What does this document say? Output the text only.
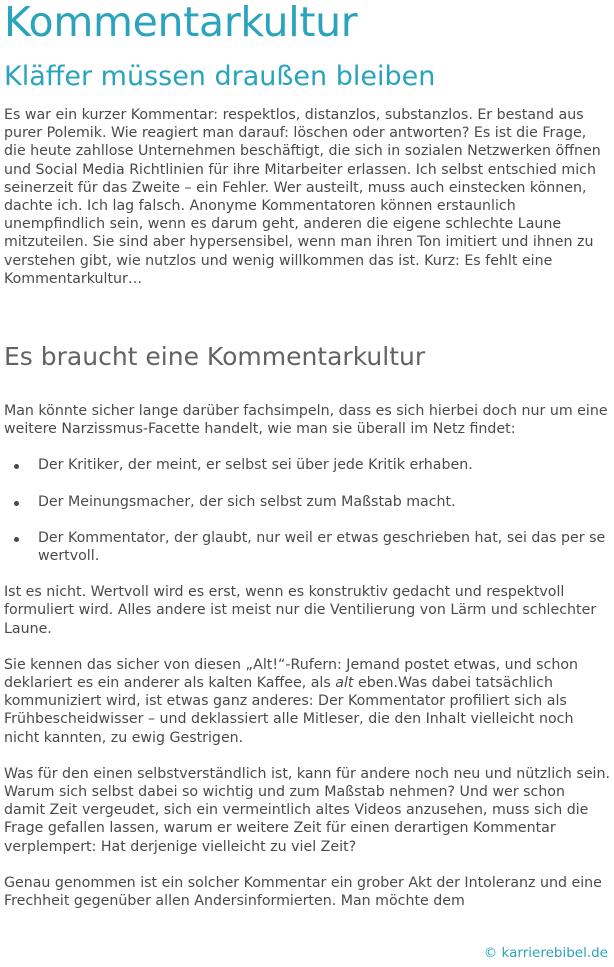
Kommentarkultur
Kläffer müssen draußen bleiben

Es war ein kurzer Kommentar: respektlos, distanzlos, substanzlos. Er bestand aus purer Polemik. Wie reagiert man darauf: löschen oder antworten? Es ist die Frage, die heute zahllose Unternehmen beschäftigt, die sich in sozialen Netzwerken öffnen und Social Media Richtlinien für ihre Mitarbeiter erlassen. Ich selbst entschied mich seinerzeit für das Zweite – ein Fehler. Wer austeilt, muss auch einstecken können, dachte ich. Ich lag falsch. Anonyme Kommentatoren können erstaunlich unempfindlich sein, wenn es darum geht, anderen die eigene schlechte Laune mitzuteilen. Sie sind aber hypersensibel, wenn man ihren Ton imitiert und ihnen zu verstehen gibt, wie nutzlos und wenig willkommen das ist. Kurz: Es fehlt eine Kommentarkultur…

Es braucht eine Kommentarkultur

Man könnte sicher lange darüber fachsimpeln, dass es sich hierbei doch nur um eine weitere Narzissmus-Facette handelt, wie man sie überall im Netz findet:

Der Kritiker, der meint, er selbst sei über jede Kritik erhaben.
Der Meinungsmacher, der sich selbst zum Maßstab macht.
Der Kommentator, der glaubt, nur weil er etwas geschrieben hat, sei das per se wertvoll.

Ist es nicht. Wertvoll wird es erst, wenn es konstruktiv gedacht und respektvoll formuliert wird. Alles andere ist meist nur die Ventilierung von Lärm und schlechter Laune.

Sie kennen das sicher von diesen „Alt!“-Rufern: Jemand postet etwas, und schon deklariert es ein anderer als kalten Kaffee, als alt eben.Was dabei tatsächlich kommuniziert wird, ist etwas ganz anderes: Der Kommentator profiliert sich als Frühbescheidwisser – und deklassiert alle Mitleser, die den Inhalt vielleicht noch nicht kannten, zu ewig Gestrigen.

Was für den einen selbstverständlich ist, kann für andere noch neu und nützlich sein. Warum sich selbst dabei so wichtig und zum Maßstab nehmen? Und wer schon damit Zeit vergeudet, sich ein vermeintlich altes Videos anzusehen, muss sich die Frage gefallen lassen, warum er weitere Zeit für einen derartigen Kommentar verplempert: Hat derjenige vielleicht zu viel Zeit?

Genau genommen ist ein solcher Kommentar ein grober Akt der Intoleranz und eine Frechheit gegenüber allen Andersinformierten. Man möchte dem

© karrierebibel.de
